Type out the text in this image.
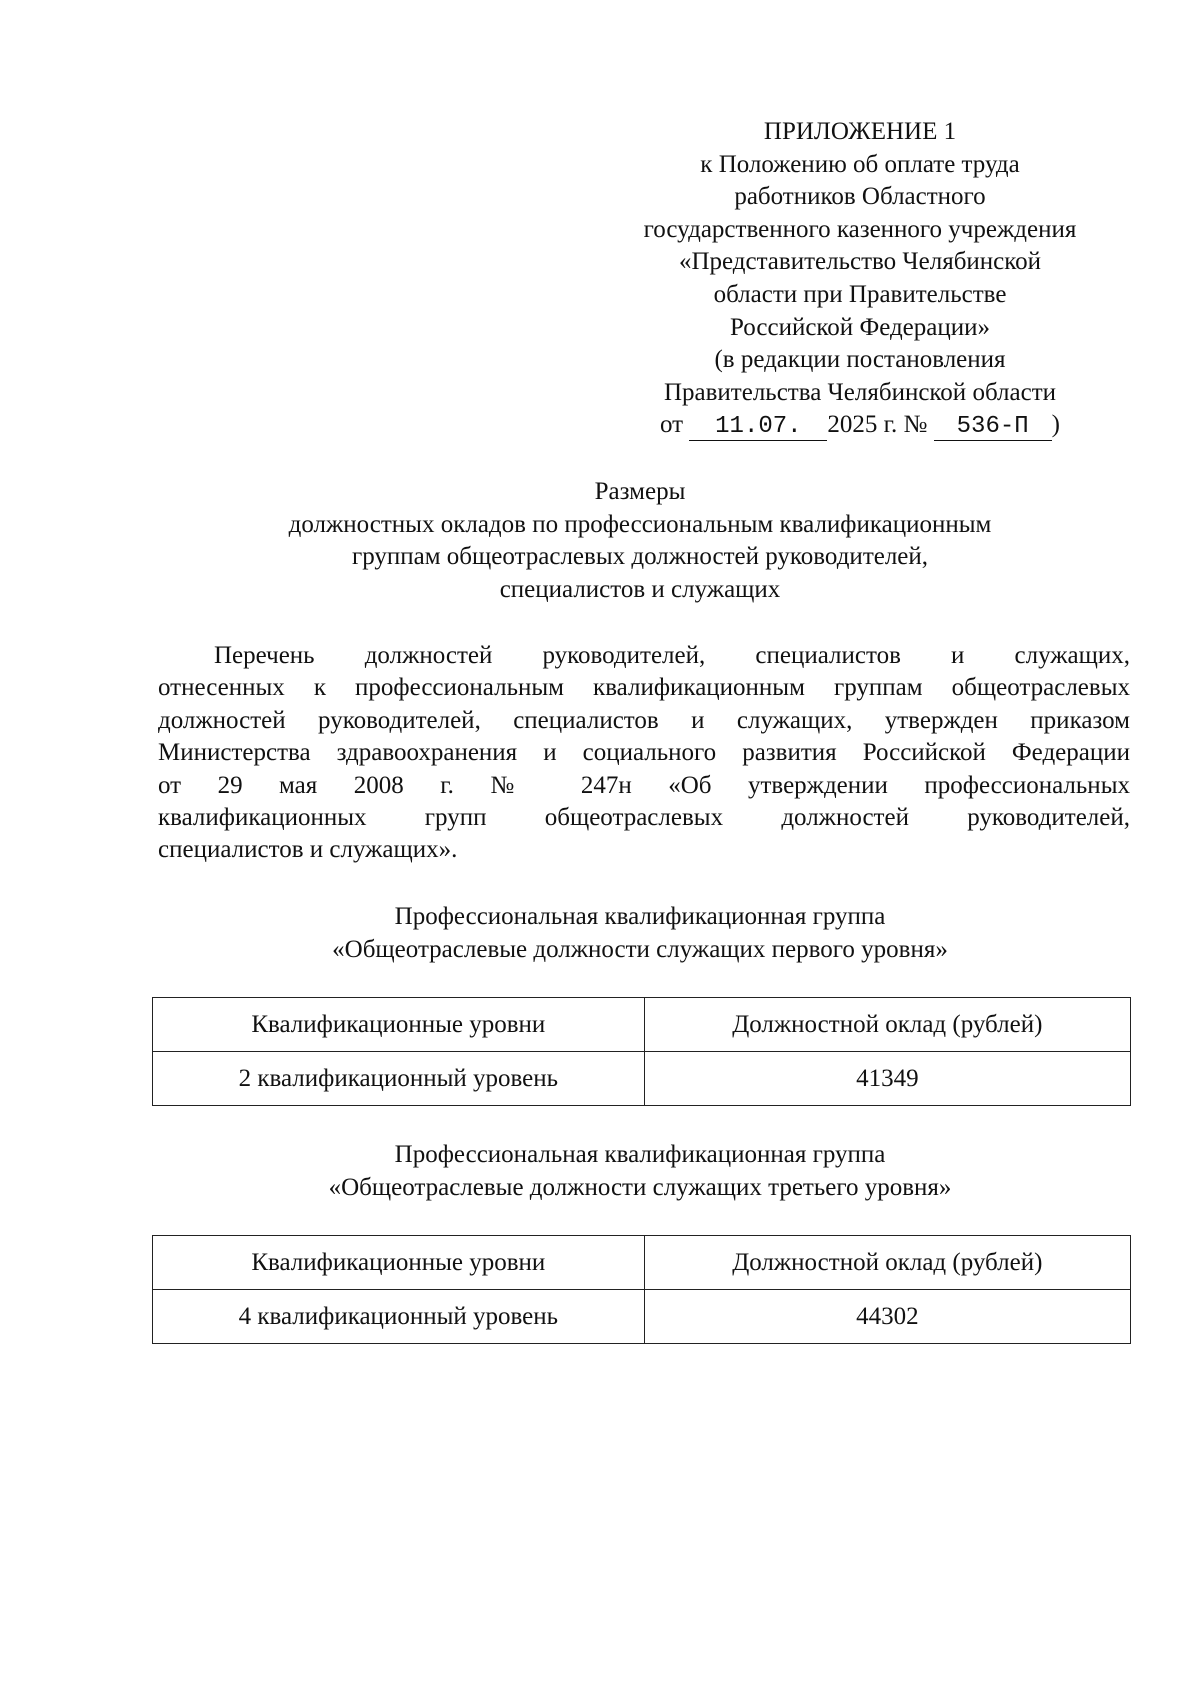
ПРИЛОЖЕНИЕ 1
к Положению об оплате труда
работников Областного
государственного казенного учреждения
«Представительство Челябинской
области при Правительстве
Российской Федерации»
(в редакции постановления
Правительства Челябинской области
от 11.07. 2025 г. № 536-П )
Размеры
должностных окладов по профессиональным квалификационным
группам общеотраслевых должностей руководителей,
специалистов и служащих
Перечень должностей руководителей, специалистов и служащих,
отнесенных к профессиональным квалификационным группам общеотраслевых
должностей руководителей, специалистов и служащих, утвержден приказом
Министерства здравоохранения и социального развития Российской Федерации
от 29 мая 2008 г. № 247н «Об утверждении профессиональных
квалификационных групп общеотраслевых должностей руководителей,
специалистов и служащих».
Профессиональная квалификационная группа
«Общеотраслевые должности служащих первого уровня»
Квалификационные уровни	Должностной оклад (рублей)
2 квалификационный уровень	41349
Профессиональная квалификационная группа
«Общеотраслевые должности служащих третьего уровня»
Квалификационные уровни	Должностной оклад (рублей)
4 квалификационный уровень	44302
